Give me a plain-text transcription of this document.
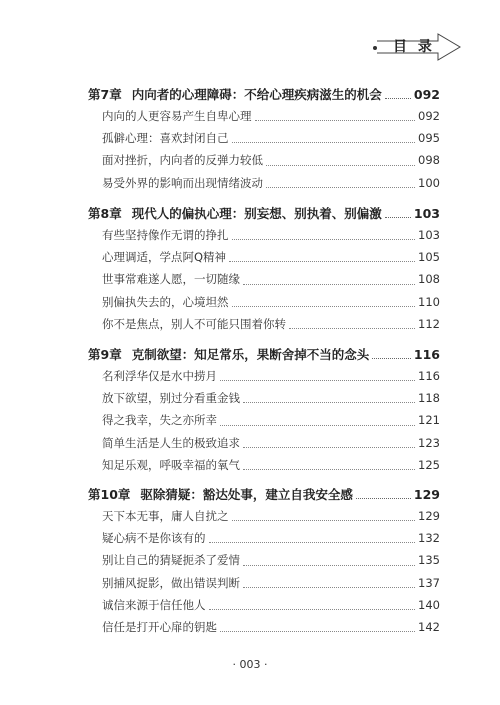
目 录
第7章 内向者的心理障碍：不给心理疾病滋生的机会	092
内向的人更容易产生自卑心理	092
孤僻心理：喜欢封闭自己	095
面对挫折，内向者的反弹力较低	098
易受外界的影响而出现情绪波动	100
第8章 现代人的偏执心理：别妄想、别执着、别偏激	103
有些坚持像作无谓的挣扎	103
心理调适，学点阿Q精神	105
世事常难遂人愿，一切随缘	108
别偏执失去的，心境坦然	110
你不是焦点，别人不可能只围着你转	112
第9章 克制欲望：知足常乐，果断舍掉不当的念头	116
名利浮华仅是水中捞月	116
放下欲望，别过分看重金钱	118
得之我幸，失之亦所幸	121
简单生活是人生的极致追求	123
知足乐观，呼吸幸福的氧气	125
第10章 驱除猜疑：豁达处事，建立自我安全感	129
天下本无事，庸人自扰之	129
疑心病不是你该有的	132
别让自己的猜疑扼杀了爱情	135
别捕风捉影，做出错误判断	137
诚信来源于信任他人	140
信任是打开心扉的钥匙	142
· 003 ·
